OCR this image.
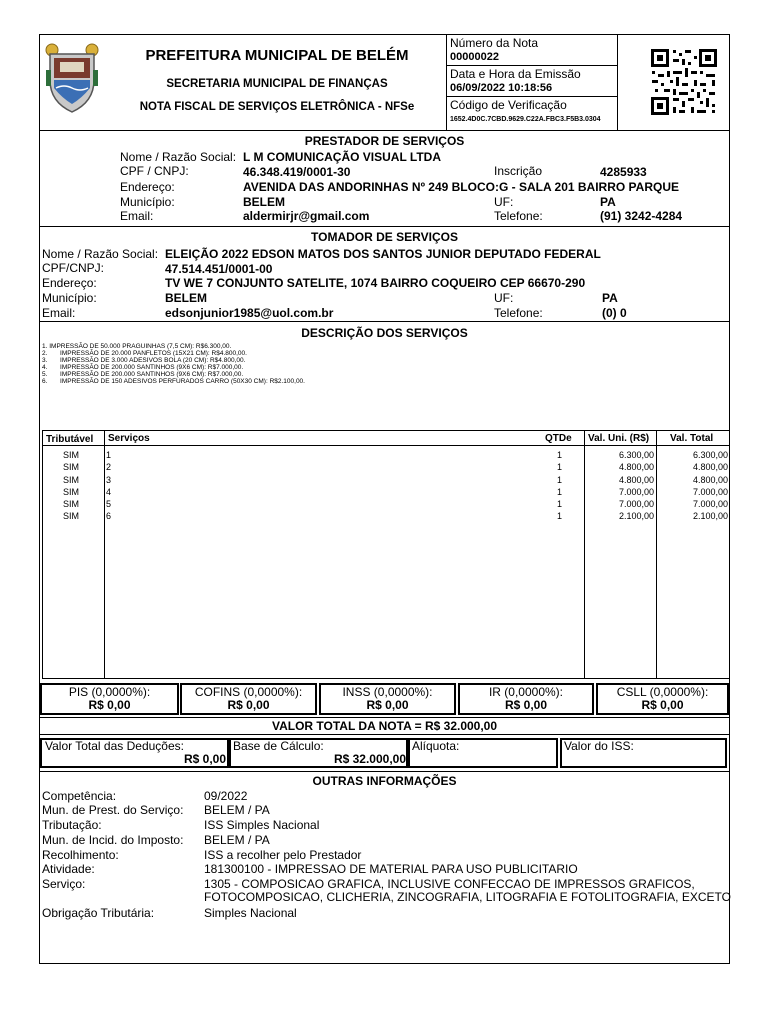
PREFEITURA MUNICIPAL DE BELÉM
SECRETARIA MUNICIPAL DE FINANÇAS
NOTA FISCAL DE SERVIÇOS ELETRÔNICA - NFSe
Número da Nota
00000022
Data e Hora da Emissão
06/09/2022 10:18:56
Código de Verificação
1652.4D0C.7CBD.9629.C22A.FBC3.F5B3.0304
PRESTADOR DE SERVIÇOS
Nome / Razão Social: L M COMUNICAÇÃO VISUAL LTDA
CPF / CNPJ:	46.348.419/0001-30	Inscrição	4285933
Endereço:	AVENIDA DAS ANDORINHAS Nº 249 BLOCO:G - SALA 201 BAIRRO PARQUE
Município:	BELEM	UF:	PA
Email:	aldermirjr@gmail.com	Telefone:	(91) 3242-4284
TOMADOR DE SERVIÇOS
Nome / Razão Social: ELEIÇÃO 2022 EDSON MATOS DOS SANTOS JUNIOR DEPUTADO FEDERAL
CPF/CNPJ:	47.514.451/0001-00
Endereço:	TV WE 7 CONJUNTO SATELITE, 1074 BAIRRO COQUEIRO CEP 66670-290
Município:	BELEM	UF:	PA
Email:	edsonjunior1985@uol.com.br	Telefone:	(0) 0
DESCRIÇÃO DOS SERVIÇOS
1. IMPRESSÃO DE 50.000 PRAGUINHAS (7,5 CM): R$6.300,00.
2.       IMPRESSÃO DE 20.000 PANFLETOS (15X21 CM): R$4.800,00.
3.       IMPRESSÃO DE 3.000 ADESIVOS BOLA (20 CM): R$4.800,00.
4.       IMPRESSÃO DE 200.000 SANTINHOS (9X6 CM): R$7.000,00.
5.       IMPRESSÃO DE 200.000 SANTINHOS (9X6 CM): R$7.000,00.
6.       IMPRESSÃO DE 150 ADESIVOS PERFURADOS CARRO (50X30 CM): R$2.100,00.
Tributável Serviços	QTDe Val. Uni. (R$) Val. Total
SIM	1	1	6.300,00	6.300,00
SIM	2	1	4.800,00	4.800,00
SIM	3	1	4.800,00	4.800,00
SIM	4	1	7.000,00	7.000,00
SIM	5	1	7.000,00	7.000,00
SIM	6	1	2.100,00	2.100,00
PIS (0,0000%):
R$ 0,00
COFINS (0,0000%):
R$ 0,00
INSS (0,0000%):
R$ 0,00
IR (0,0000%):
R$ 0,00
CSLL (0,0000%):
R$ 0,00
VALOR TOTAL DA NOTA = R$ 32.000,00
Valor Total das Deduções:
R$ 0,00
Base de Cálculo:
R$ 32.000,00
Alíquota:	Valor do ISS:
OUTRAS INFORMAÇÕES
Competência:	09/2022
Mun. de Prest. do Serviço: BELEM / PA
Tributação:	ISS Simples Nacional
Mun. de Incid. do Imposto: BELEM / PA
Recolhimento:	ISS a recolher pelo Prestador
Atividade:	181300100 - IMPRESSAO DE MATERIAL PARA USO PUBLICITARIO
Serviço:	1305 - COMPOSICAO GRAFICA, INCLUSIVE CONFECCAO DE IMPRESSOS GRAFICOS,
FOTOCOMPOSICAO, CLICHERIA, ZINCOGRAFIA, LITOGRAFIA E FOTOLITOGRAFIA, EXCETO
Obrigação Tributária:	Simples Nacional
